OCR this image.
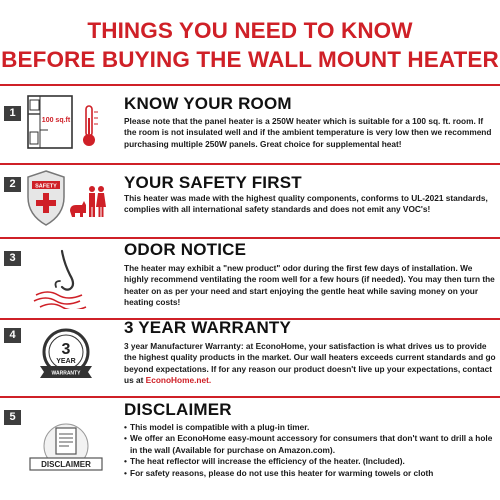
THINGS YOU NEED TO KNOW
BEFORE BUYING THE WALL MOUNT HEATER
1
100 sq.ft
KNOW YOUR ROOM
Please note that the panel heater is a 250W heater which is suitable for a 100 sq. ft. room. If the room is not insulated well and if the ambient temperature is very low then we recommend purchasing multiple 250W panels. Great choice for supplemental heat!
2	SAFETY	YOUR SAFETY FIRST
This heater was made with the highest quality components, conforms to UL-2021 standards, complies with all international safety standards and does not emit any VOC's!
3	ODOR NOTICE
The heater may exhibit a "new product" odor during the first few days of installation. We highly recommend ventilating the room well for a few hours (if needed). You may then turn the heater on as per your need and start enjoying the gentle heat while saving money on your heating costs!
4
3
YEAR
WARRANTY
3 YEAR WARRANTY
3 year Manufacturer Warranty: at EconoHome, your satisfaction is what drives us to provide the highest quality products in the market. Our wall heaters exceeds current standards and go beyond expectations. If for any reason our product doesn't live up your expectations, contact us at EconoHome.net.
5
DISCLAIMER
DISCLAIMER
• This model is compatible with a plug-in timer.
• We offer an EconoHome easy-mount accessory for consumers that don't want to drill a hole in the wall (Available for purchase on Amazon.com).
• The heat reflector will increase the efficiency of the heater. (Included).
• For safety reasons, please do not use this heater for warming towels or cloth
